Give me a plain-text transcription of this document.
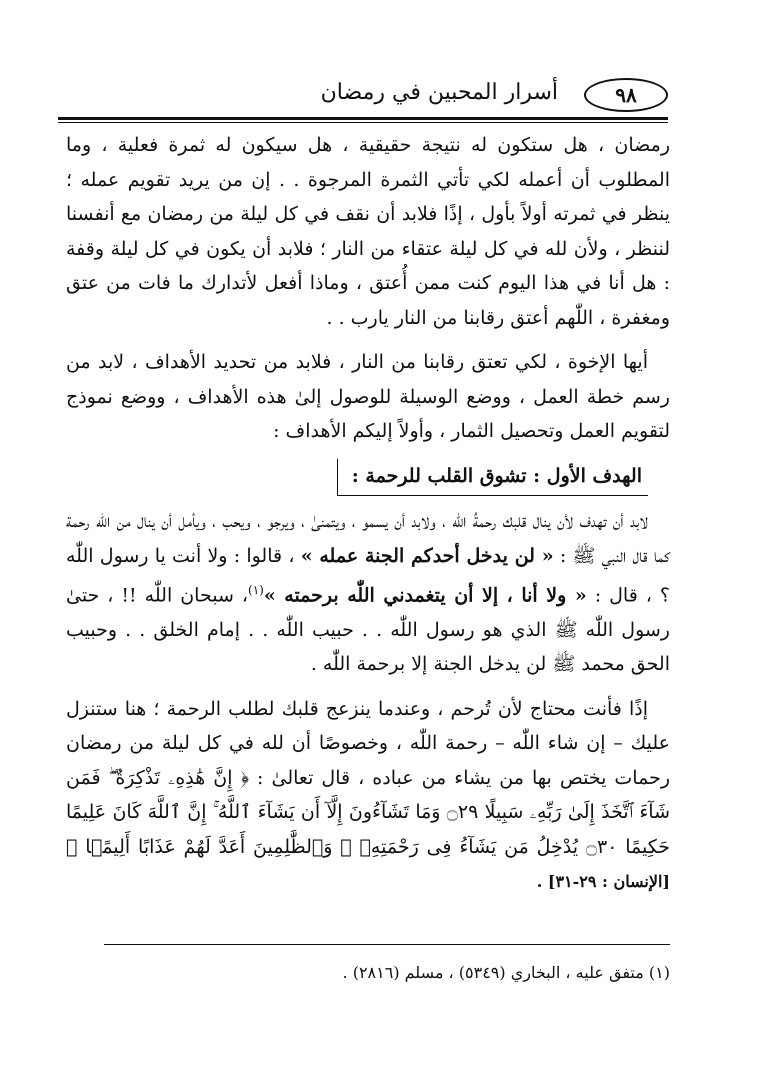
٩٨
أسرار المحبين في رمضان

رمضان ، هل ستكون له نتيجة حقيقية ، هل سيكون له ثمرة فعلية ، وما المطلوب أن أعمله لكي تأتي الثمرة المرجوة . . إن من يريد تقويم عمله ؛ ينظر في ثمرته أولاً بأول ، إذًا فلابد أن نقف في كل ليلة من رمضان مع أنفسنا لننظر ، ولأن لله في كل ليلة عتقاء من النار ؛ فلابد أن يكون في كل ليلة وقفة : هل أنا في هذا اليوم كنت ممن أُعتق ، وماذا أفعل لأتدارك ما فات من عتق ومغفرة ، اللّٰهم أعتق رقابنا من النار يارب . .

أيها الإخوة ، لكي تعتق رقابنا من النار ، فلابد من تحديد الأهداف ، لابد من رسم خطة العمل ، ووضع الوسيلة للوصول إلىٰ هذه الأهداف ، ووضع نموذج لتقويم العمل وتحصيل الثمار ، وأولاً إليكم الأهداف :

الهدف الأول : تشوق القلب للرحمة :

لابد أن تهدف لأن ينال قلبك رحمةُ اللّٰه ، ولابد أن يسمو ، ويتمنىٰ ، ويرجو ، ويحب ، ويأمل أن ينال من اللّٰه رحمة كما قال النبي ﷺ : « لن يدخل أحدكم الجنة عمله » ، قالوا : ولا أنت يا رسول اللّٰه ؟ ، قال : « ولا أنا ، إلا أن يتغمدني اللّٰه برحمته »$^{(١)}$، سبحان اللّٰه !! ، حتىٰ رسول اللّٰه ﷺ الذي هو رسول اللّٰه . . حبيب اللّٰه . . إمام الخلق . . وحبيب الحق محمد ﷺ لن يدخل الجنة إلا برحمة اللّٰه .

إذًا فأنت محتاج لأن تُرحم ، وعندما ينزعج قلبك لطلب الرحمة ؛ هنا ستنزل عليك – إن شاء اللّٰه – رحمة اللّٰه ، وخصوصًا أن لله في كل ليلة من رمضان رحمات يختص بها من يشاء من عباده ، قال تعالىٰ : ﴿ إِنَّ هَٰذِهِۦ تَذْكِرَةٌ ۖ فَمَن شَآءَ ٱتَّخَذَ إِلَىٰ رَبِّهِۦ سَبِيلًا ۝٢٩ وَمَا تَشَآءُونَ إِلَّآ أَن يَشَآءَ ٱللَّهُ ۚ إِنَّ ٱللَّهَ كَانَ عَلِيمًا حَكِيمًا ۝٣٠ يُدْخِلُ مَن يَشَآءُ فِى رَحْمَتِهِۦ ۚ وَٱلظَّٰلِمِينَ أَعَدَّ لَهُمْ عَذَابًا أَلِيمًۢا ﴾ [الإنسان : ٢٩-٣١] .

(١) متفق عليه ، البخاري (٥٣٤٩) ، مسلم (٢٨١٦) .
